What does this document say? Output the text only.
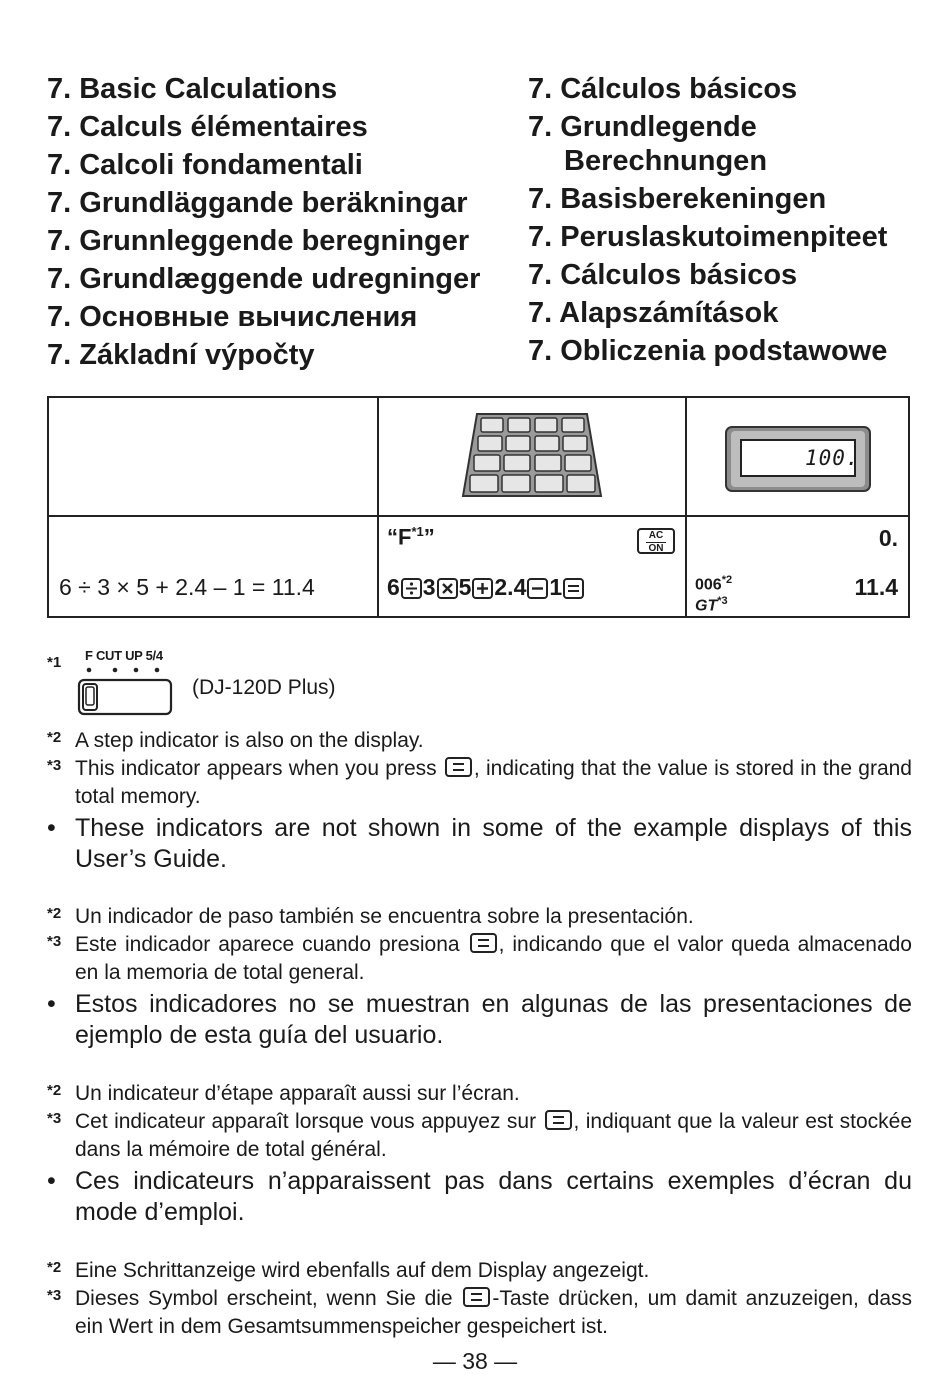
7. Basic Calculations
7. Calculs élémentaires
7. Calcoli fondamentali
7. Grundläggande beräkningar
7. Grunnleggende beregninger
7. Grundlæggende udregninger
7. Основные вычисления
7. Základní výpočty
7. Cálculos básicos
7. Grundlegende
Berechnungen
7. Basisberekeningen
7. Peruslaskutoimenpiteet
7. Cálculos básicos
7. Alapszámítások
7. Obliczenia podstawowe
100.
6 ÷ 3 × 5 + 2.4 – 1 = 11.4
“$F^{*1}$”	$\frac{AC}{ON}$
6 3 5 2.4 1
0.
006$^{*2}$
GT$^{*3}$
11.4
*1 F CUT UP 5/4
(DJ-120D Plus)
*2 A step indicator is also on the display.
*3 This indicator appears when you press , indicating that the value is stored in the grand total memory.
• These indicators are not shown in some of the example displays of this User’s Guide.
*2 Un indicador de paso también se encuentra sobre la presentación.
*3 Este indicador aparece cuando presiona , indicando que el valor queda almacenado en la memoria de total general.
• Estos indicadores no se muestran en algunas de las presentaciones de ejemplo de esta guía del usuario.
*2 Un indicateur d’étape apparaît aussi sur l’écran.
*3 Cet indicateur apparaît lorsque vous appuyez sur , indiquant que la valeur est stockée dans la mémoire de total général.
• Ces indicateurs n’apparaissent pas dans certains exemples d’écran du mode d’emploi.
*2 Eine Schrittanzeige wird ebenfalls auf dem Display angezeigt.
*3 Dieses Symbol erscheint, wenn Sie die -Taste drücken, um damit anzuzeigen, dass ein Wert in dem Gesamtsummenspeicher gespeichert ist.
— 38 —
